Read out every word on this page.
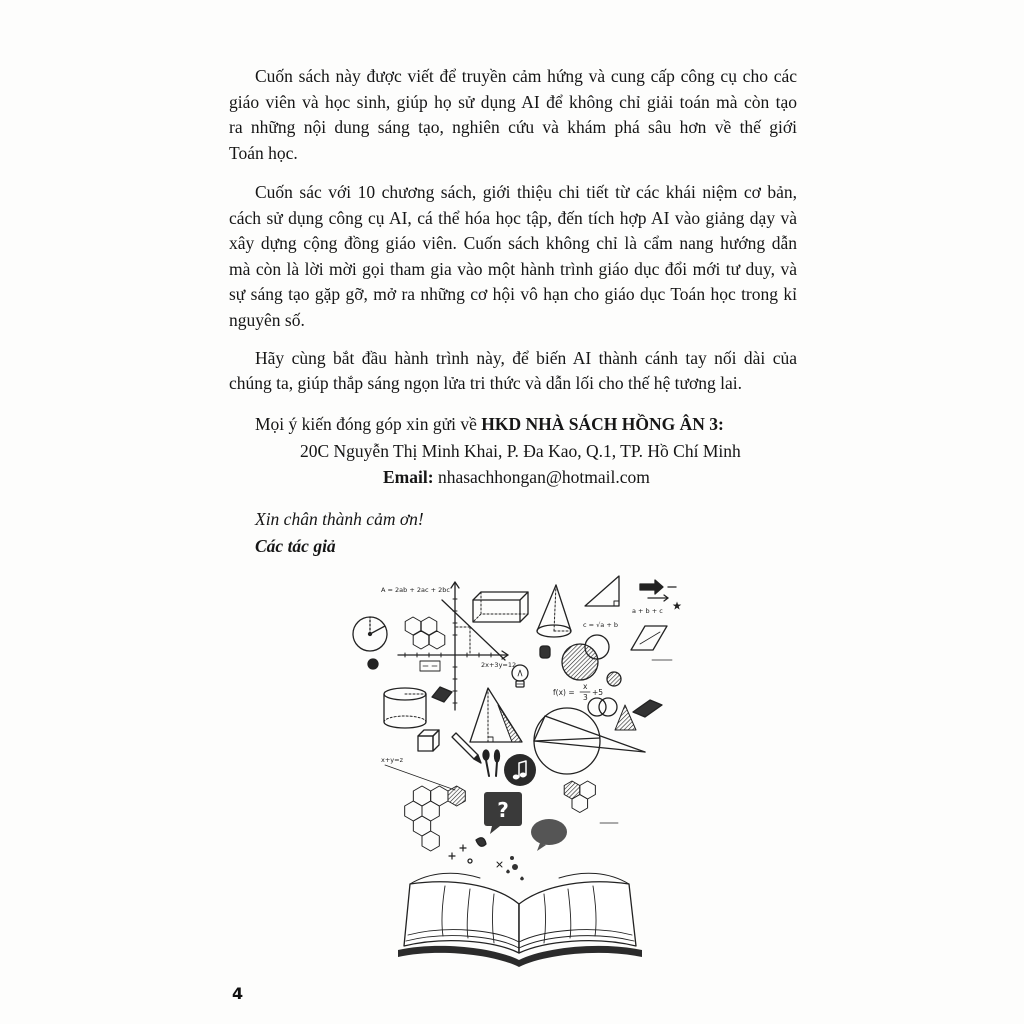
Cuốn sách này được viết để truyền cảm hứng và cung cấp công cụ cho các

giáo viên và học sinh, giúp họ sử dụng AI để không chỉ giải toán mà còn tạo

ra những nội dung sáng tạo, nghiên cứu và khám phá sâu hơn về thế giới

Toán học.

Cuốn sác với 10 chương sách, giới thiệu chi tiết từ các khái niệm cơ bản,

cách sử dụng công cụ AI, cá thể hóa học tập, đến tích hợp AI vào giảng dạy và

xây dựng cộng đồng giáo viên. Cuốn sách không chỉ là cẩm nang hướng dẫn

mà còn là lời mời gọi tham gia vào một hành trình giáo dục đổi mới tư duy, và

sự sáng tạo gặp gỡ, mở ra những cơ hội vô hạn cho giáo dục Toán học trong kỉ

nguyên số.

Hãy cùng bắt đầu hành trình này, để biến AI thành cánh tay nối dài của

chúng ta, giúp thắp sáng ngọn lửa tri thức và dẫn lối cho thế hệ tương lai.

Mọi ý kiến đóng góp xin gửi về HKD NHÀ SÁCH HỒNG ÂN 3:

20C Nguyễn Thị Minh Khai, P. Đa Kao, Q.1, TP. Hồ Chí Minh

Email: nhasachhongan@hotmail.com

Xin chân thành cảm ơn!

Các tác giả

A = 2ab + 2ac + 2bc
a + b + c
c = √a + b
2x+3y=12
f(x) =
x
3
+5
x+y=z
?
4
